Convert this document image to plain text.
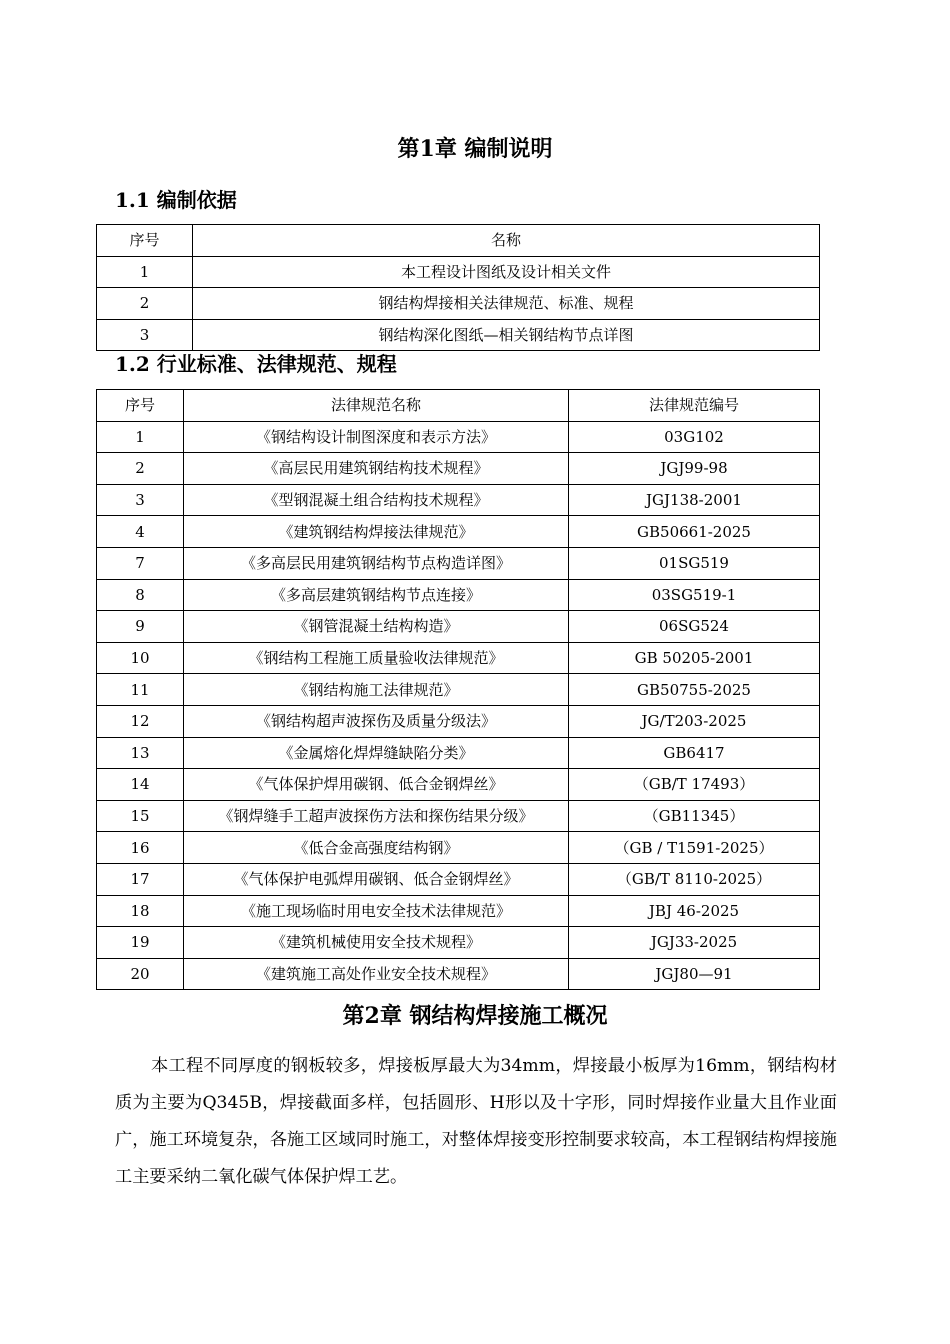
第1章 编制说明
1.1 编制依据
序号	名称
1	本工程设计图纸及设计相关文件
2	钢结构焊接相关法律规范、标准、规程
3	钢结构深化图纸—相关钢结构节点详图
1.2 行业标准、法律规范、规程
序号	法律规范名称	法律规范编号
1	《钢结构设计制图深度和表示方法》	03G102
2	《高层民用建筑钢结构技术规程》	JGJ99-98
3	《型钢混凝土组合结构技术规程》	JGJ138-2001
4	《建筑钢结构焊接法律规范》	GB50661-2025
7	《多高层民用建筑钢结构节点构造详图》	01SG519
8	《多高层建筑钢结构节点连接》	03SG519-1
9	《钢管混凝土结构构造》	06SG524
10	《钢结构工程施工质量验收法律规范》	GB 50205-2001
11	《钢结构施工法律规范》	GB50755-2025
12	《钢结构超声波探伤及质量分级法》	JG/T203-2025
13	《金属熔化焊焊缝缺陷分类》	GB6417
14	《气体保护焊用碳钢、低合金钢焊丝》	（GB/T 17493）
15	《钢焊缝手工超声波探伤方法和探伤结果分级》	（GB11345）
16	《低合金高强度结构钢》	（GB / T1591-2025）
17	《气体保护电弧焊用碳钢、低合金钢焊丝》	（GB/T 8110-2025）
18	《施工现场临时用电安全技术法律规范》	JBJ 46-2025
19	《建筑机械使用安全技术规程》	JGJ33-2025
20	《建筑施工高处作业安全技术规程》	JGJ80—91
第2章 钢结构焊接施工概况

本工程不同厚度的钢板较多，焊接板厚最大为34mm，焊接最小板厚为16mm，钢结构材质为主要为Q345B，焊接截面多样，包括圆形、H形以及十字形，同时焊接作业量大且作业面广，施工环境复杂，各施工区域同时施工，对整体焊接变形控制要求较高，本工程钢结构焊接施工主要采纳二氧化碳气体保护焊工艺。
